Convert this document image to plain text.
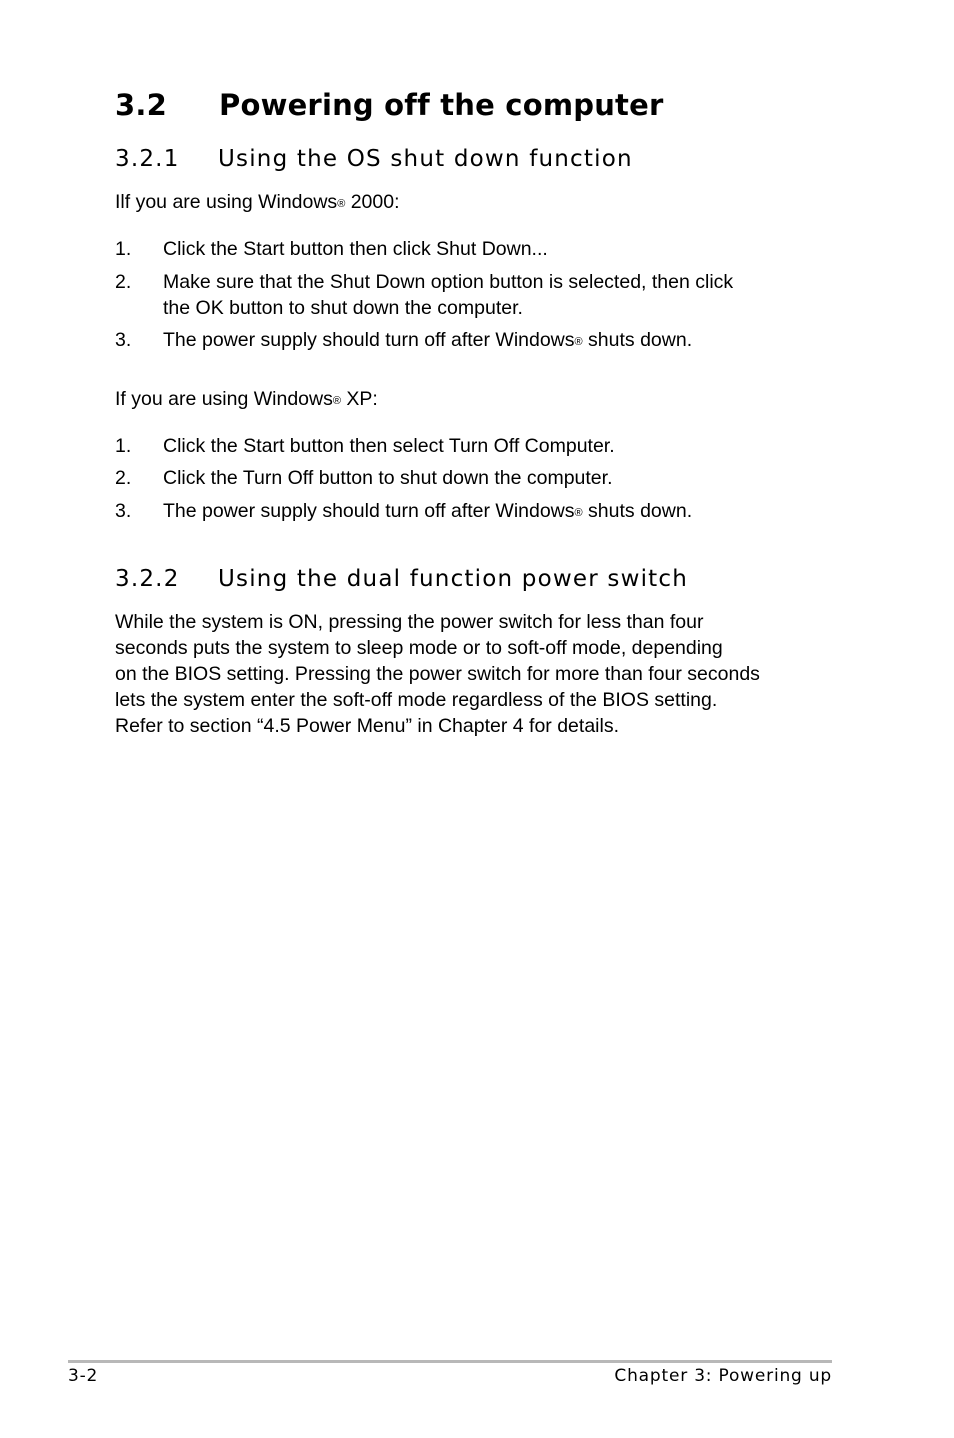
3.2 Powering off the computer
3.2.1 Using the OS shut down function
Ilf you are using Windows® 2000:
1. Click the Start button then click Shut Down...
2. Make sure that the Shut Down option button is selected, then click
the OK button to shut down the computer.
3. The power supply should turn off after Windows® shuts down.
If you are using Windows® XP:
1. Click the Start button then select Turn Off Computer.
2. Click the Turn Off button to shut down the computer.
3. The power supply should turn off after Windows® shuts down.
3.2.2 Using the dual function power switch
While the system is ON, pressing the power switch for less than four
seconds puts the system to sleep mode or to soft-off mode, depending
on the BIOS setting. Pressing the power switch for more than four seconds
lets the system enter the soft-off mode regardless of the BIOS setting.
Refer to section “4.5 Power Menu” in Chapter 4 for details.
3-2	Chapter 3: Powering up
